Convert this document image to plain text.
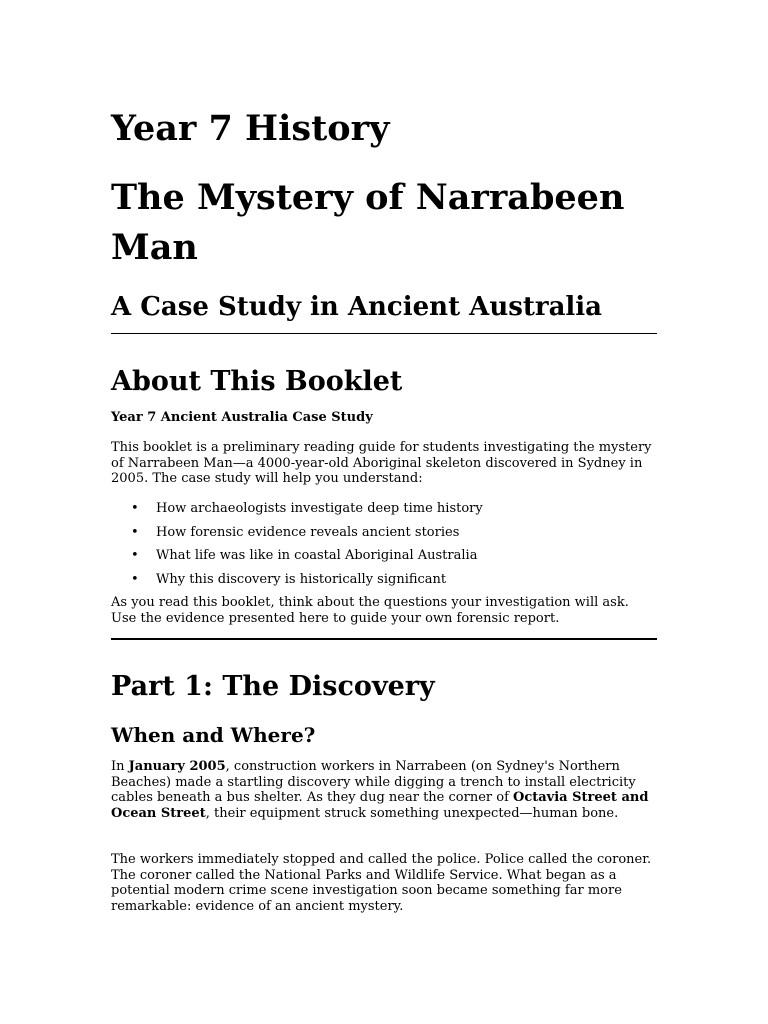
Year 7 History
The Mystery of Narrabeen Man
A Case Study in Ancient Australia
About This Booklet

Year 7 Ancient Australia Case Study

This booklet is a preliminary reading guide for students investigating the mystery of Narrabeen Man—a 4000-year-old Aboriginal skeleton discovered in Sydney in 2005. The case study will help you understand:

• How archaeologists investigate deep time history
• How forensic evidence reveals ancient stories
• What life was like in coastal Aboriginal Australia
• Why this discovery is historically significant

As you read this booklet, think about the questions your investigation will ask. Use the evidence presented here to guide your own forensic report.

Part 1: The Discovery
When and Where?

In January 2005, construction workers in Narrabeen (on Sydney's Northern Beaches) made a startling discovery while digging a trench to install electricity cables beneath a bus shelter. As they dug near the corner of Octavia Street and Ocean Street, their equipment struck something unexpected—human bone.

The workers immediately stopped and called the police. Police called the coroner. The coroner called the National Parks and Wildlife Service. What began as a potential modern crime scene investigation soon became something far more remarkable: evidence of an ancient mystery.
